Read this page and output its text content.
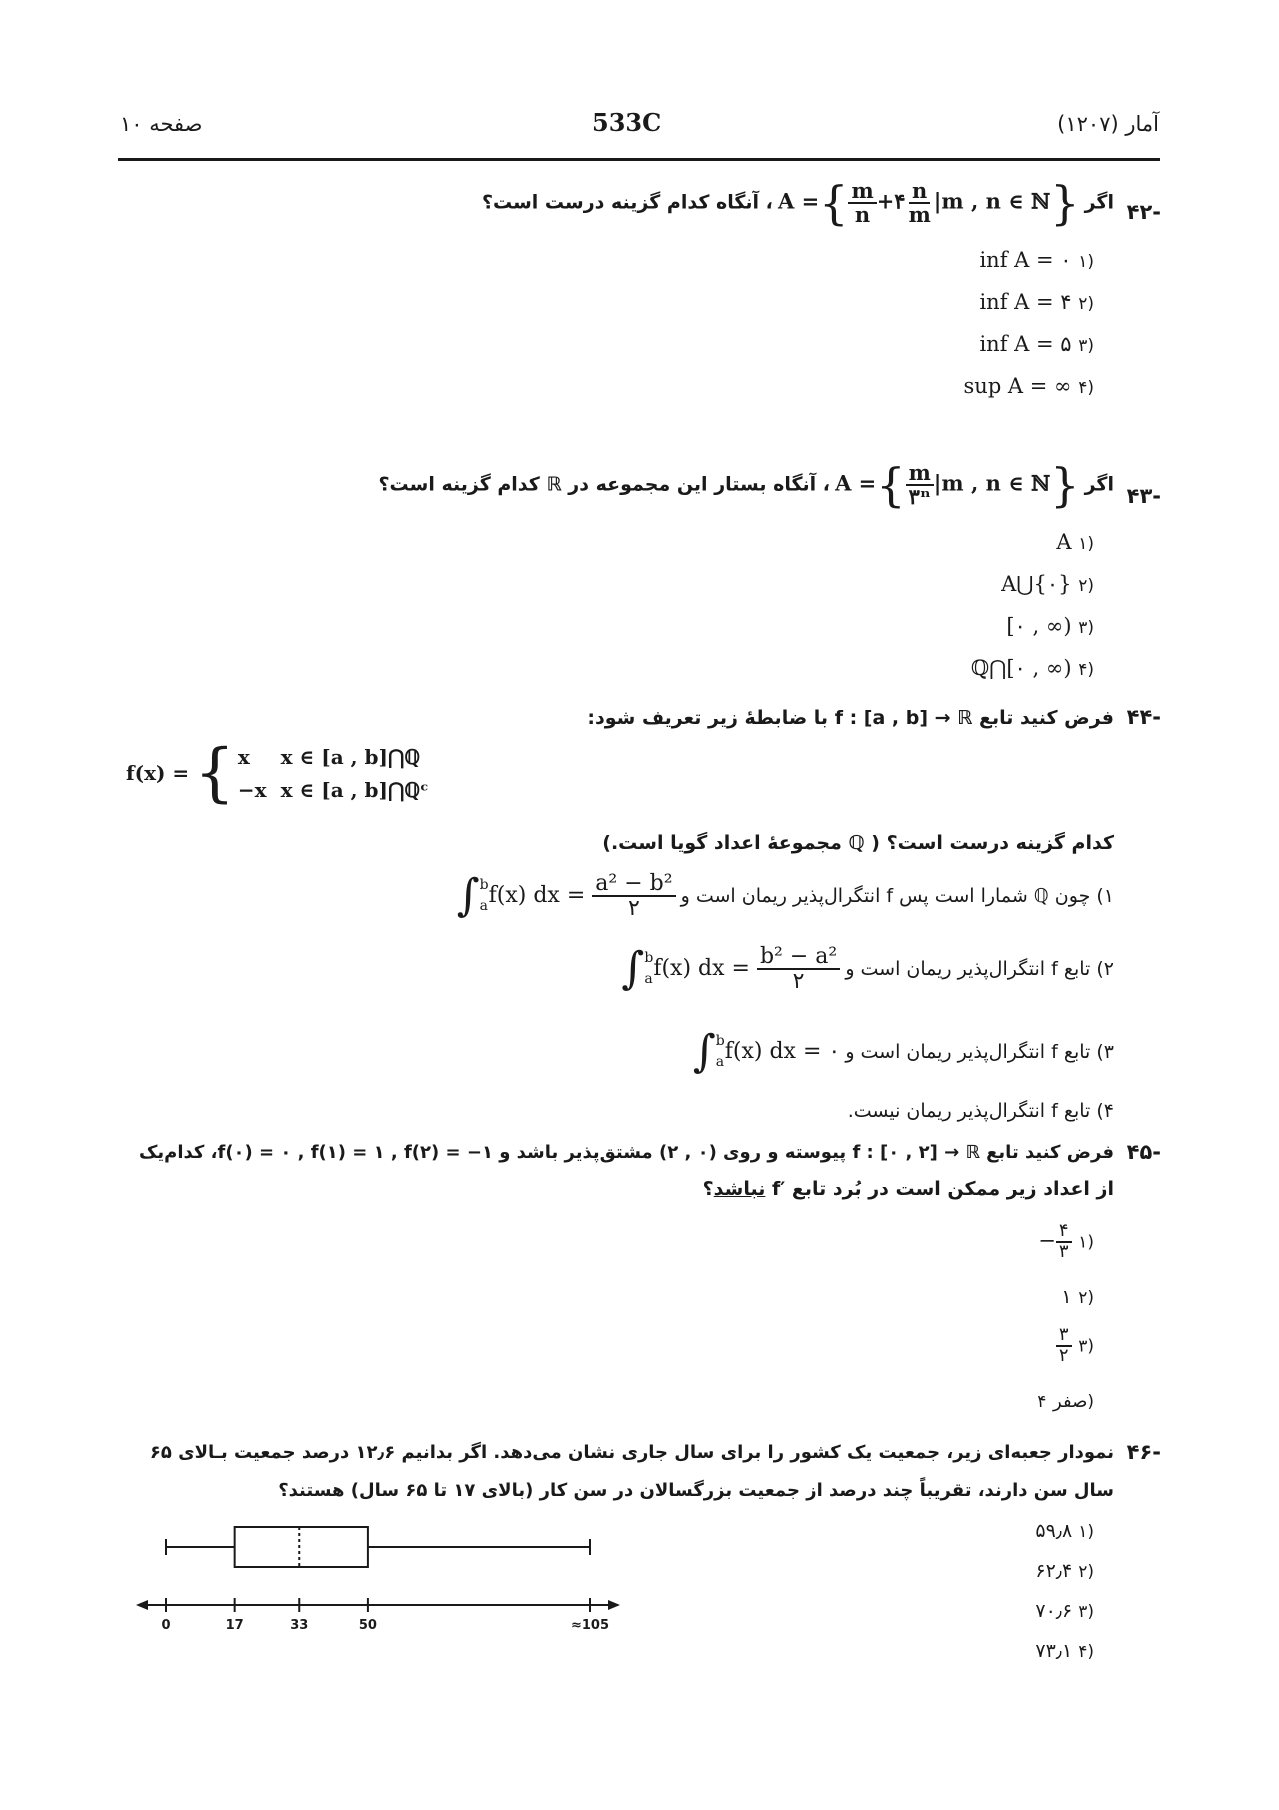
صفحه ۱۰	533C	آمار (۱۲۰۷)
-۴۲
اگر A ={ $\frac{m}{n}$ +۴ $\frac{n}{m} |m$ , n ∈ ℕ} ، آنگاه کدام گزینه درست است؟
inf A = ۰ ۱)
inf A = ۴ ۲)
inf A = ۵ ۳)
sup A = ∞ ۴)
-۴۳
اگر A ={ $\frac{m}{\text{۳ⁿ}} |m$ , n ∈ ℕ} ، آنگاه بستار این مجموعه در ℝ کدام گزینه است؟
A ۱)
A⋃{۰} ۲)
[۰ , ∞) ۳)
ℚ⋂[۰ , ∞) ۴)
-۴۴
فرض کنید تابع f : [a , b] → ℝ با ضابطهٔ زیر تعریف شود:
f(x) =	{	x	x ∈ [a , b]⋂ℚ
		−x	x ∈ [a , b]⋂ℚᶜ
کدام گزینه درست است؟ ( ℚ مجموعهٔ اعداد گویا است.)
۱) چون ℚ شمارا است پس f انتگرال‌پذیر ریمان است و ∫ b
a f(x) dx = $\frac{\text{a² − b²}}{۲}$
۲) تابع f انتگرال‌پذیر ریمان است و ∫ b
a f(x) dx = $\frac{\text{b² − a²}}{۲}$
۳) تابع f انتگرال‌پذیر ریمان است و ∫ b
a f(x) dx = ۰
۴) تابع f انتگرال‌پذیر ریمان نیست.
-۴۵
فرض کنید تابع f : [۰ , ۲] → ℝ پیوسته و روی (۰ , ۲) مشتق‌پذیر باشد و f(۰) = ۰ , f(۱) = ۱ , f(۲) = −۱، کدام‌یک
از اعداد زیر ممکن است در بُرد تابع ′f نباشد؟
− $\frac{۴}{۳}$ ۱)
۱ ۲)
$\frac{۳}{۲}$ ۳)
صفر ۴)
-۴۶
نمودار جعبه‌ای زیر، جمعیت یک کشور را برای سال جاری نشان می‌دهد. اگر بدانیم ۱۲٫۶ درصد جمعیت بـالای ۶۵
سال سن دارند، تقریباً چند درصد از جمعیت بزرگسالان در سن کار (بالای ۱۷ تا ۶۵ سال) هستند؟
۵۹٫۸ ۱)
۶۲٫۴ ۲)
۷۰٫۶ ۳)
۷۳٫۱ ۴)
0	17	33	50	≈105
